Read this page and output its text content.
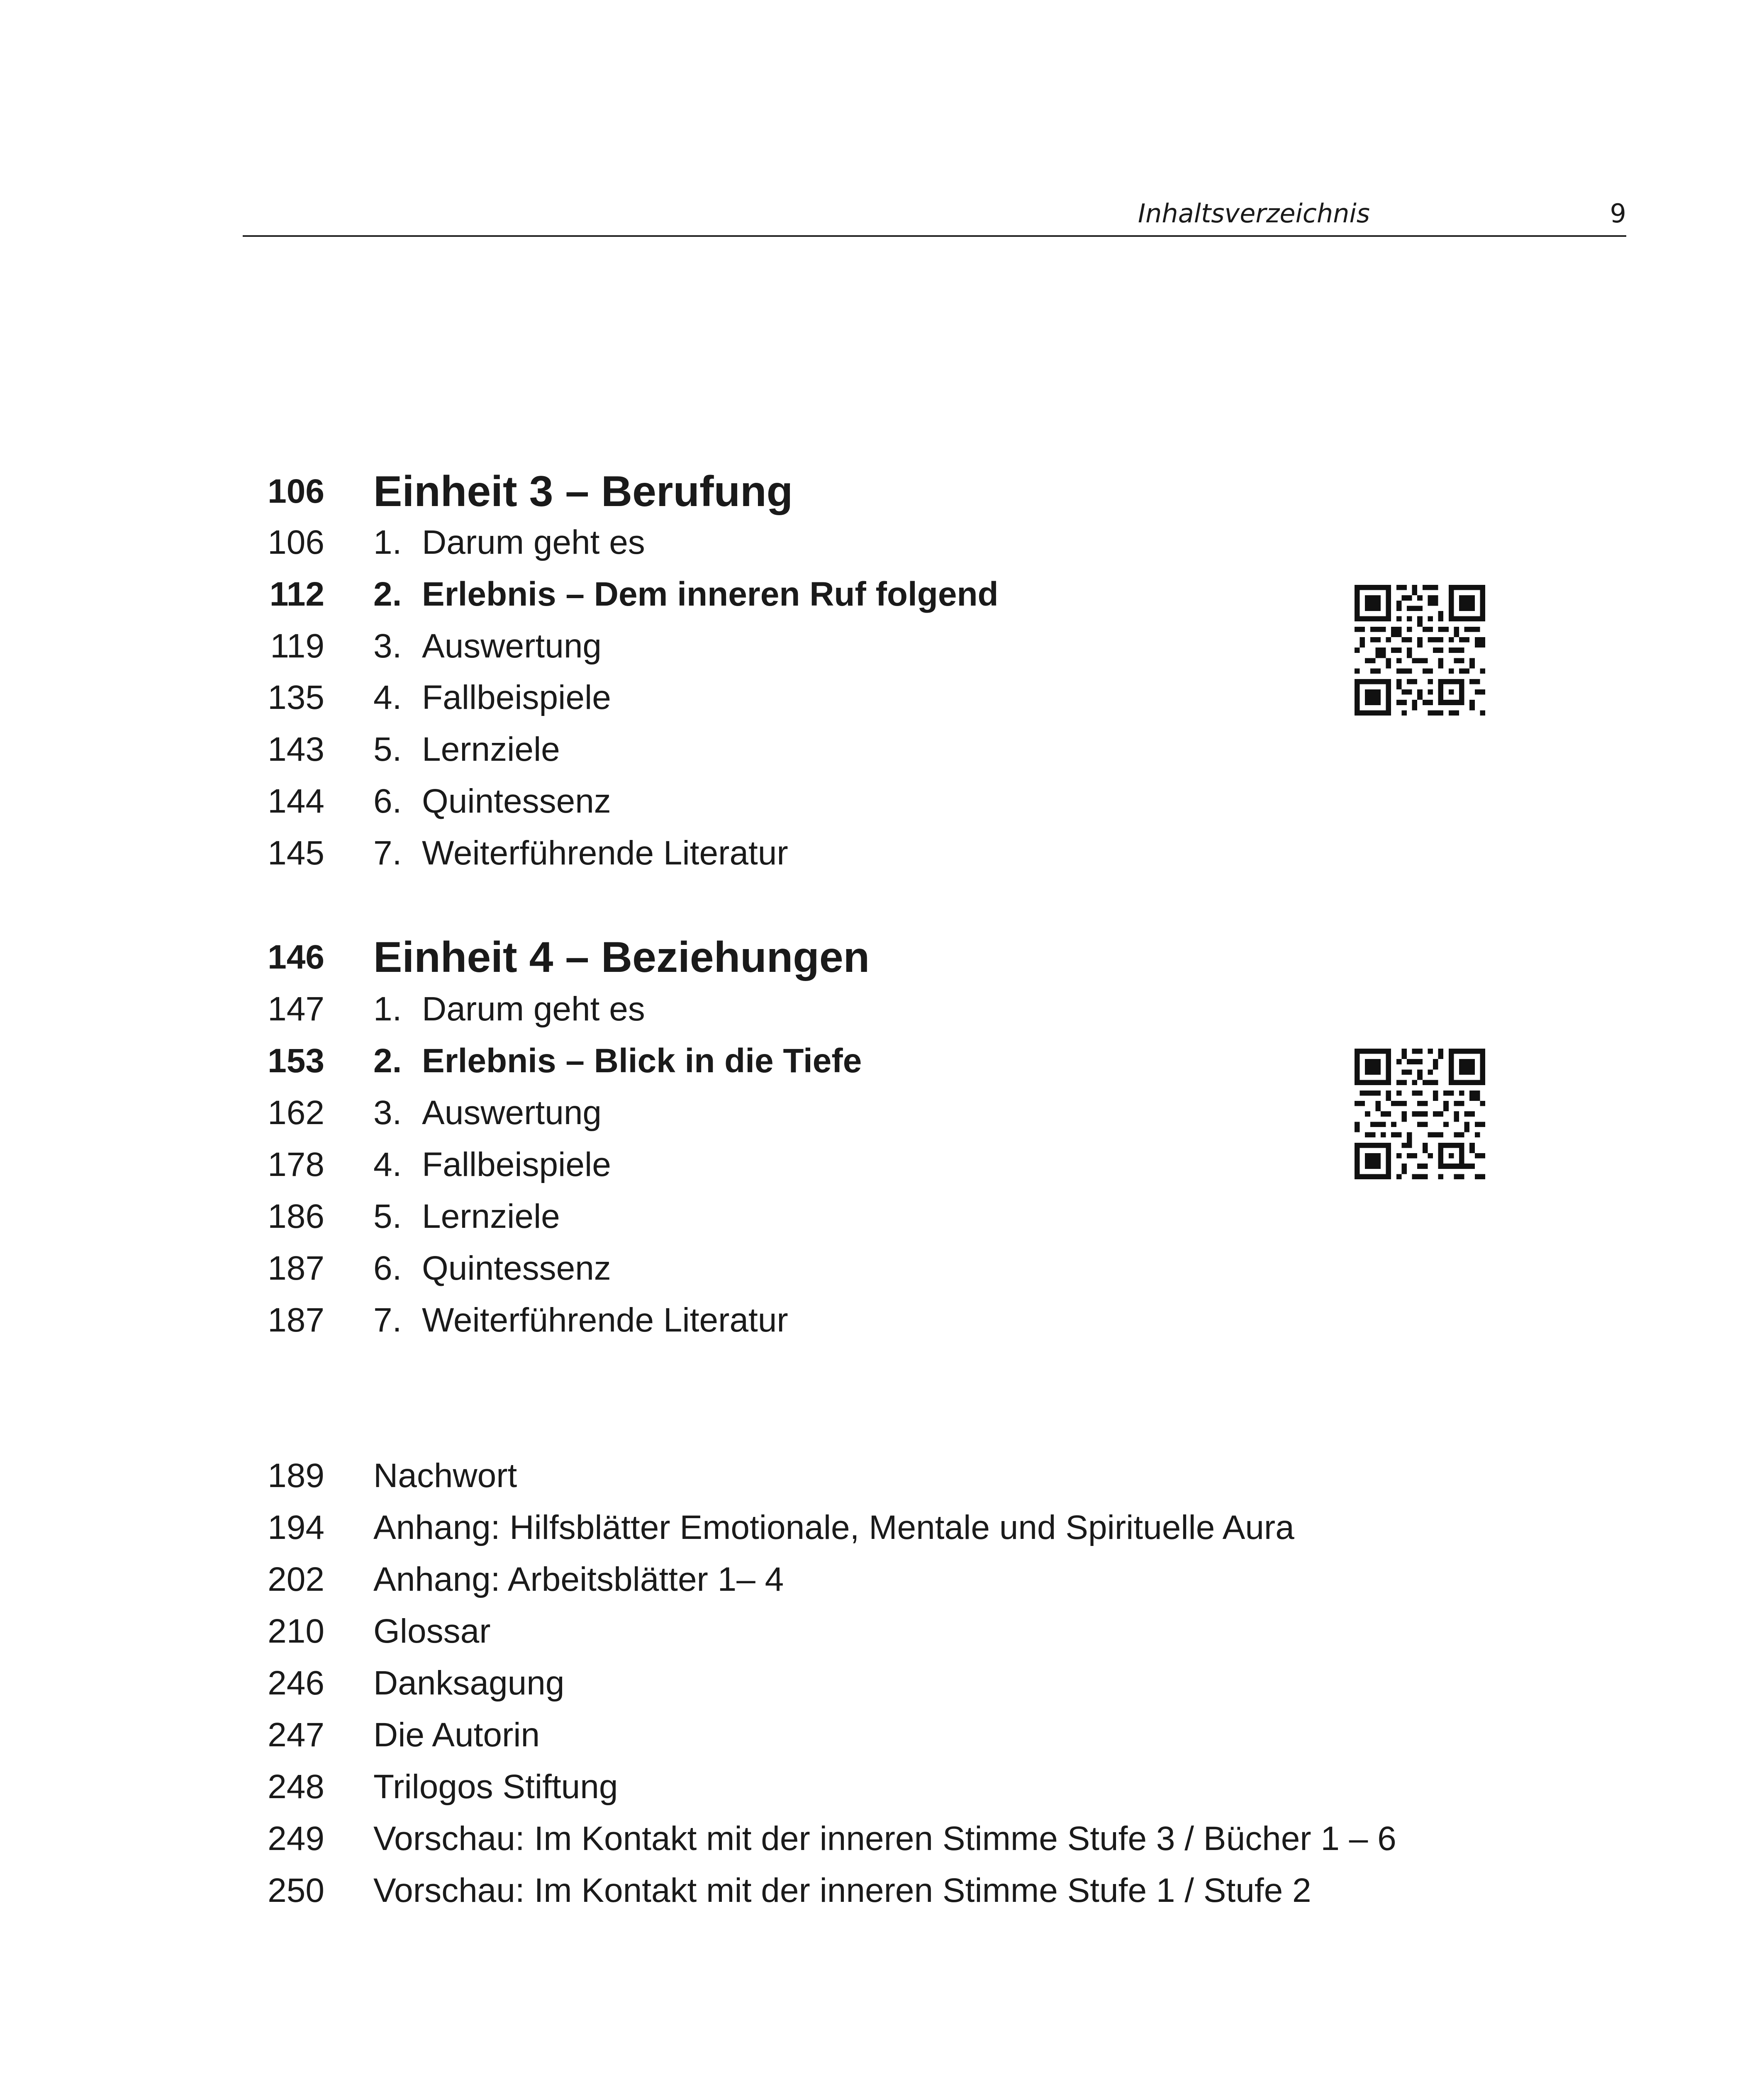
Inhaltsverzeichnis	9
106 Einheit 3 – Berufung
106 1. Darum geht es
112 2. Erlebnis – Dem inneren Ruf folgend
119 3. Auswertung
135 4. Fallbeispiele
143 5. Lernziele
144 6. Quintessenz
145 7. Weiterführende Literatur
146 Einheit 4 – Beziehungen
147 1. Darum geht es
153 2. Erlebnis – Blick in die Tiefe
162 3. Auswertung
178 4. Fallbeispiele
186 5. Lernziele
187 6. Quintessenz
187 7. Weiterführende Literatur
189 Nachwort
194 Anhang: Hilfsblätter Emotionale, Mentale und Spirituelle Aura
202 Anhang: Arbeitsblätter 1– 4
210 Glossar
246 Danksagung
247 Die Autorin
248 Trilogos Stiftung
249 Vorschau: Im Kontakt mit der inneren Stimme Stufe 3 / Bücher 1 – 6
250 Vorschau: Im Kontakt mit der inneren Stimme Stufe 1 / Stufe 2
